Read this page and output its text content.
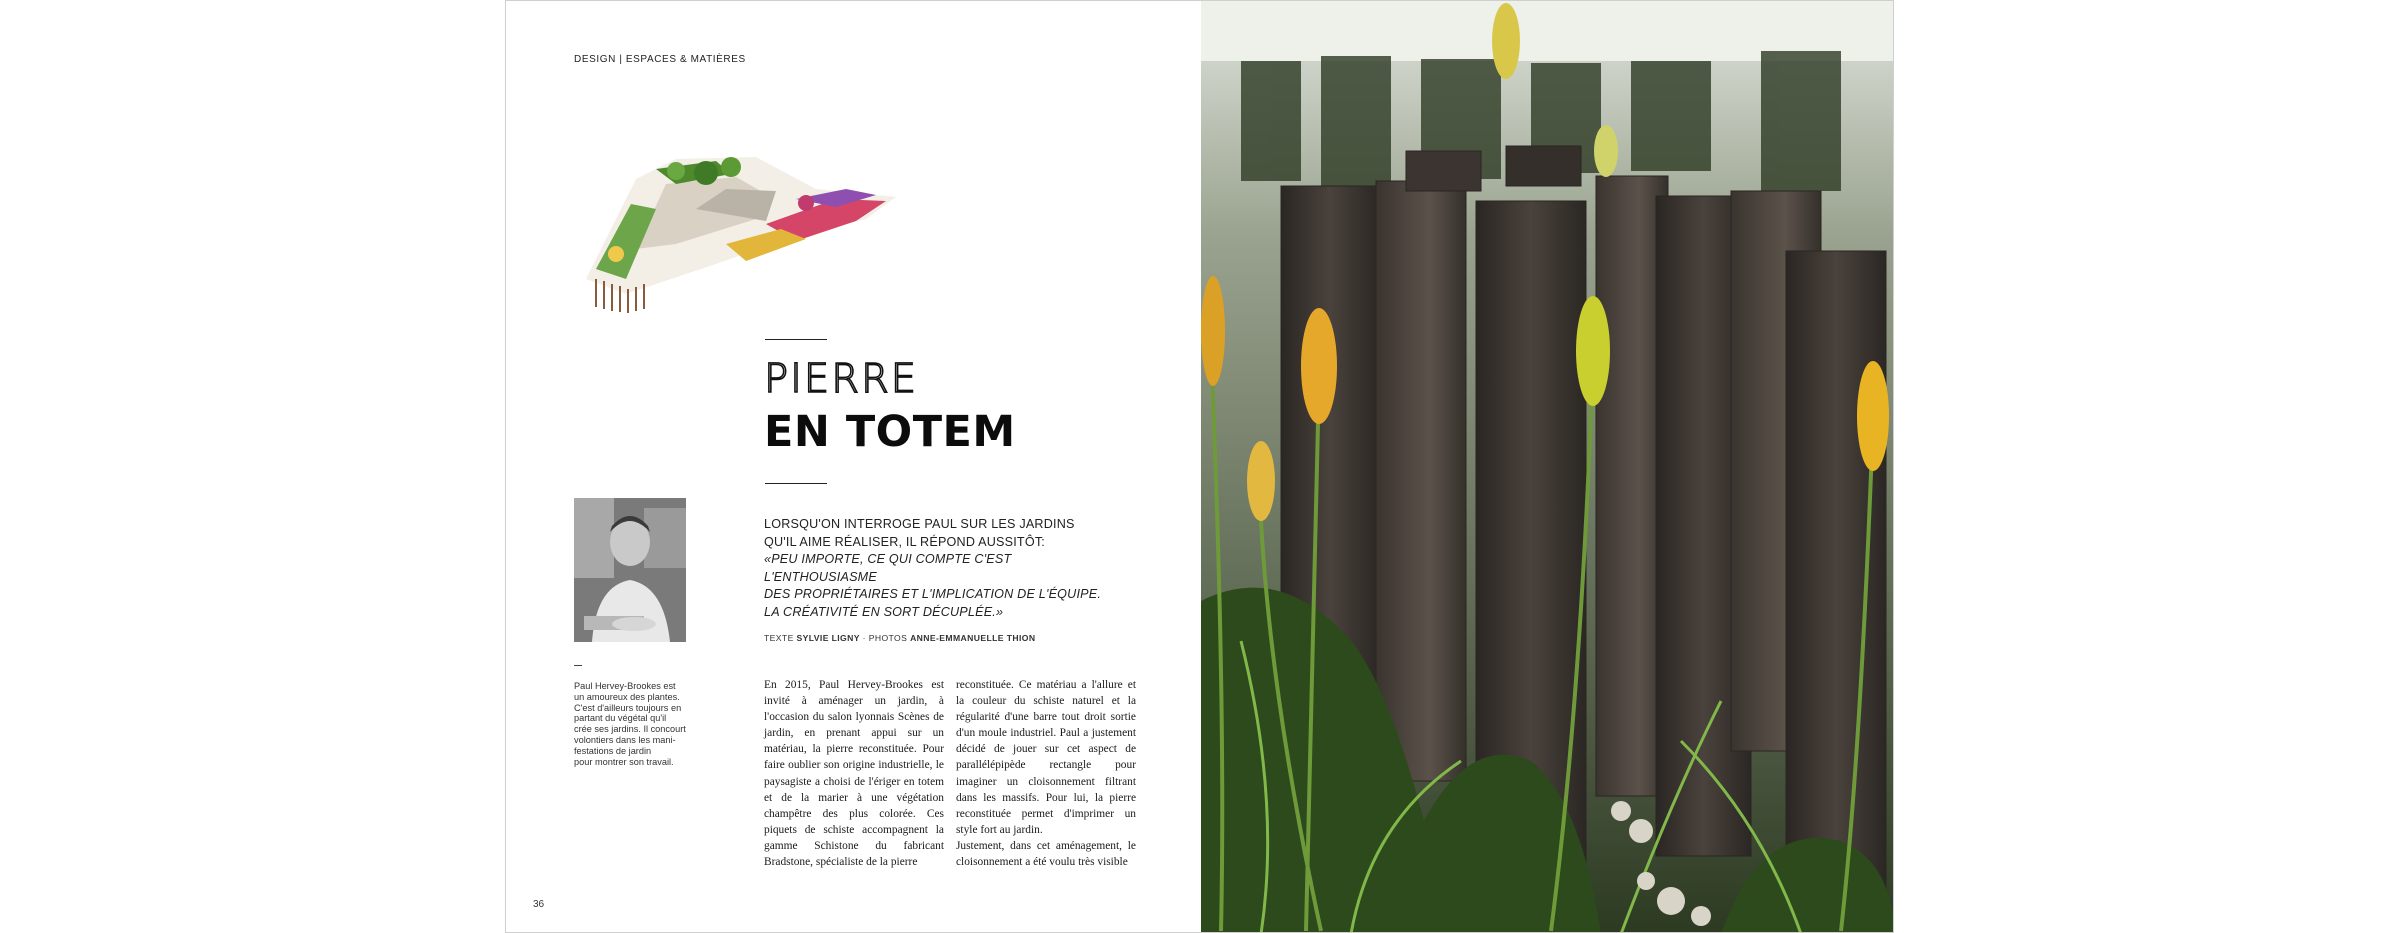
DESIGN | ESPACES & MATIÈRES
PIERRE
EN TOTEM
Paul Hervey-Brookes est
un amoureux des plantes.
C'est d'ailleurs toujours en
partant du végétal qu'il
crée ses jardins. Il concourt
volontiers dans les mani-
festations de jardin
pour montrer son travail.
LORSQU'ON INTERROGE PAUL SUR LES JARDINS
QU'IL AIME RÉALISER, IL RÉPOND AUSSITÔT:
«PEU IMPORTE, CE QUI COMPTE C'EST L'ENTHOUSIASME
DES PROPRIÉTAIRES ET L'IMPLICATION DE L'ÉQUIPE.
LA CRÉATIVITÉ EN SORT DÉCUPLÉE.»
TEXTE SYLVIE LIGNY · PHOTOS ANNE-EMMANUELLE THION
En 2015, Paul Hervey-Brookes est invité à aménager un jardin, à l'occasion du salon lyonnais Scènes de jardin, en prenant appui sur un matériau, la pierre reconstituée. Pour faire oublier son origine industrielle, le paysagiste a choisi de l'ériger en totem et de la marier à une végétation champêtre des plus colorée. Ces piquets de schiste accompagnent la gamme Schistone du fabricant Bradstone, spécialiste de la pierre
reconstituée. Ce matériau a l'allure et la couleur du schiste naturel et la régularité d'une barre tout droit sortie d'un moule industriel. Paul a justement décidé de jouer sur cet aspect de parallélépipède rectangle pour imaginer un cloisonnement filtrant dans les massifs. Pour lui, la pierre reconstituée permet d'imprimer un style fort au jardin.
Justement, dans cet aménagement, le cloisonnement a été voulu très visible
36
